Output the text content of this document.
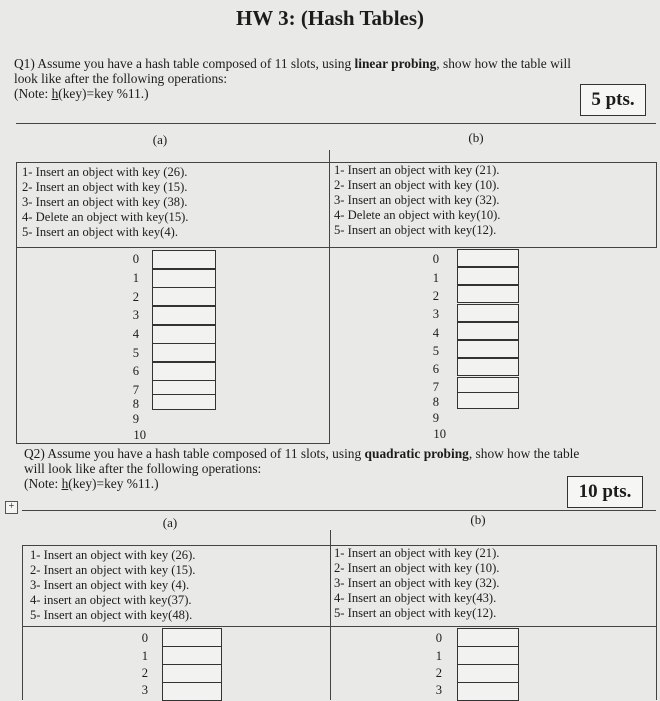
HW 3: (Hash Tables)
Q1) Assume you have a hash table composed of 11 slots, using linear probing, show how the table will
look like after the following operations:
(Note: h(key)=key %11.)	5 pts.
(a)	(b)
1- Insert an object with key (26).
2- Insert an object with key (15).
3- Insert an object with key (38).
4- Delete an object with key(15).
5- Insert an object with key(4).
1- Insert an object with key (21).
2- Insert an object with key (10).
3- Insert an object with key (32).
4- Delete an object with key(10).
5- Insert an object with key(12).
0
1
2
3
4
5
6
7
8
9
10
0
1
2
3
4
5
6
7
8
9
10
Q2) Assume you have a hash table composed of 11 slots, using quadratic probing, show how the table
will look like after the following operations:
(Note: h(key)=key %11.)	10 pts.
+
(a)	(b)
1- Insert an object with key (26).
2- Insert an object with key (15).
3- Insert an object with key (4).
4- insert an object with key(37).
5- Insert an object with key(48).
1- Insert an object with key (21).
2- Insert an object with key (10).
3- Insert an object with key (32).
4- Insert an object with key(43).
5- Insert an object with key(12).
0
1
2
3
0
1
2
3
